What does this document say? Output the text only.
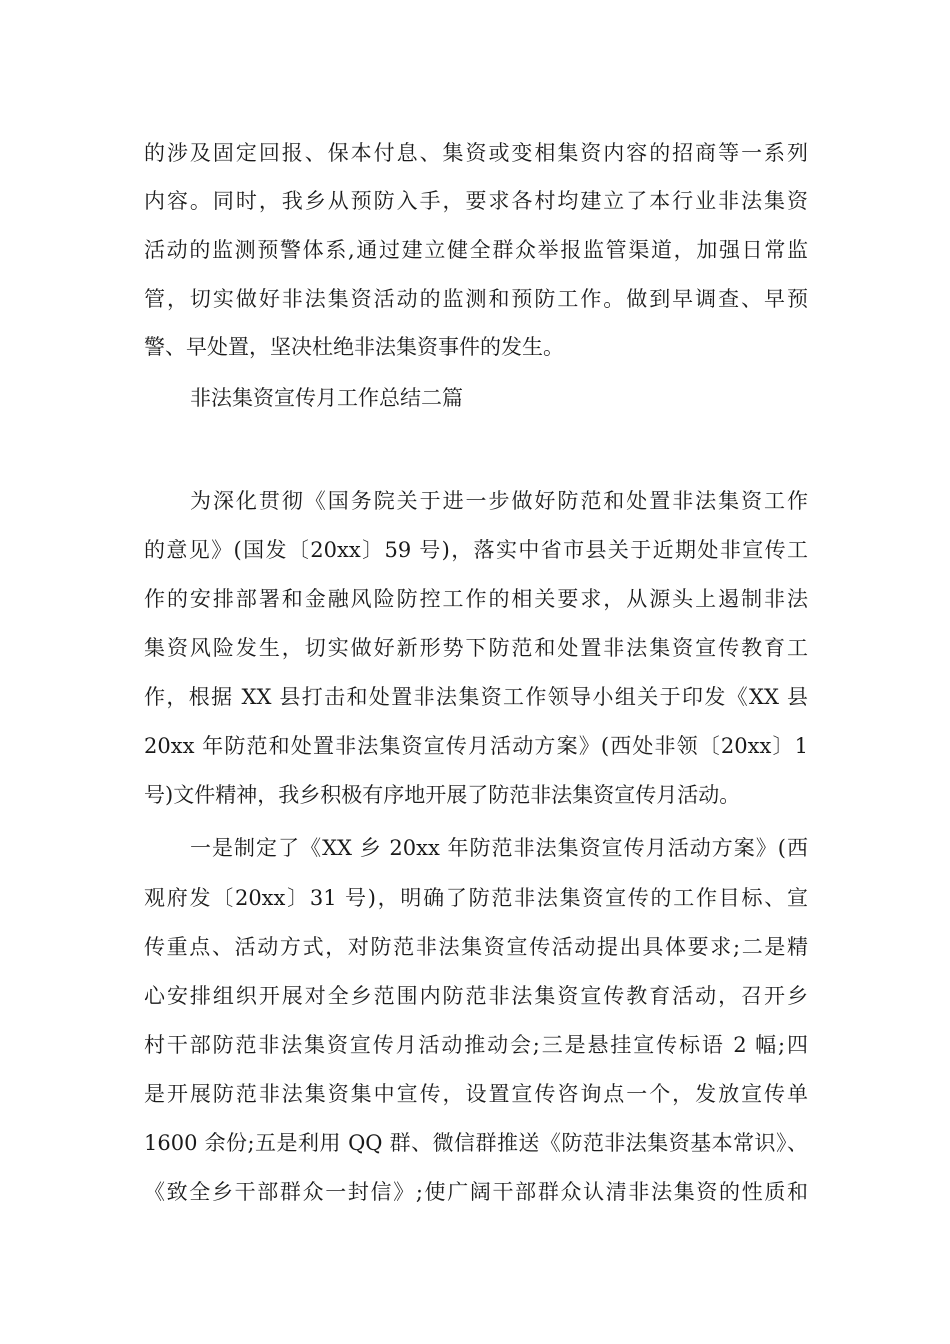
的涉及固定回报、保本付息、集资或变相集资内容的招商等一系列
内容。同时，我乡从预防入手，要求各村均建立了本行业非法集资
活动的监测预警体系,通过建立健全群众举报监管渠道，加强日常监
管，切实做好非法集资活动的监测和预防工作。做到早调查、早预
警、早处置，坚决杜绝非法集资事件的发生。
非法集资宣传月工作总结二篇
为深化贯彻《国务院关于进一步做好防范和处置非法集资工作
的意见》(国发〔20xx〕59 号)，落实中省市县关于近期处非宣传工
作的安排部署和金融风险防控工作的相关要求，从源头上遏制非法
集资风险发生，切实做好新形势下防范和处置非法集资宣传教育工
作，根据 XX 县打击和处置非法集资工作领导小组关于印发《XX 县
20xx 年防范和处置非法集资宣传月活动方案》(西处非领〔20xx〕1
号)文件精神，我乡积极有序地开展了防范非法集资宣传月活动。
一是制定了《XX 乡 20xx 年防范非法集资宣传月活动方案》(西
观府发〔20xx〕31 号)，明确了防范非法集资宣传的工作目标、宣
传重点、活动方式，对防范非法集资宣传活动提出具体要求;二是精
心安排组织开展对全乡范围内防范非法集资宣传教育活动，召开乡
村干部防范非法集资宣传月活动推动会;三是悬挂宣传标语 2 幅;四
是开展防范非法集资集中宣传，设置宣传咨询点一个，发放宣传单
1600 余份;五是利用 QQ 群、微信群推送《防范非法集资基本常识》、
《致全乡干部群众一封信》;使广阔干部群众认清非法集资的性质和
